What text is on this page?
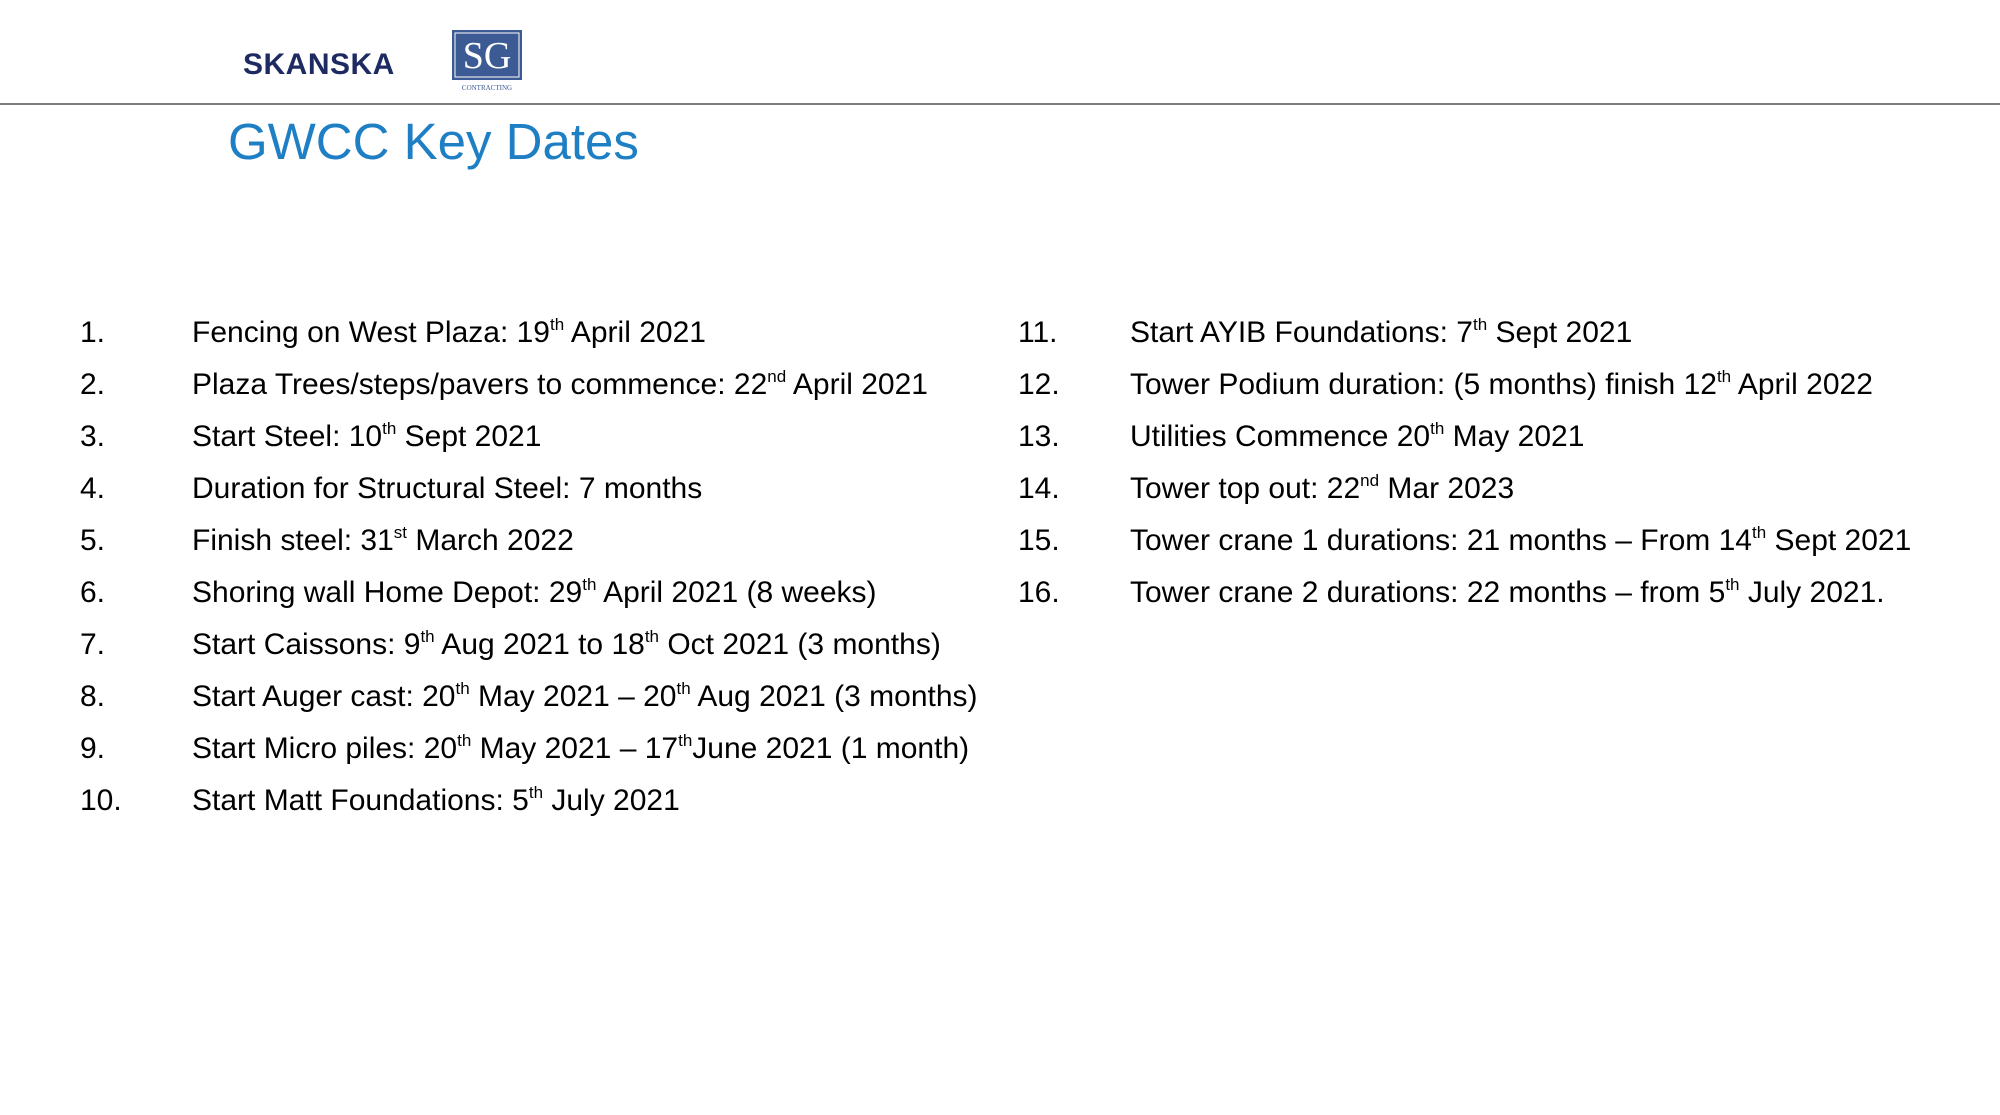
SKANSKA SG
CONTRACTING
GWCC Key Dates
1.	Fencing on West Plaza: 19th April 2021
2.	Plaza Trees/steps/pavers to commence: 22nd April 2021
3.	Start Steel: 10th Sept 2021
4.	Duration for Structural Steel: 7 months
5.	Finish steel: 31st March 2022
6.	Shoring wall Home Depot: 29th April 2021 (8 weeks)
7.	Start Caissons: 9th Aug 2021 to 18th Oct 2021 (3 months)
8.	Start Auger cast: 20th May 2021 – 20th Aug 2021 (3 months)
9.	Start Micro piles: 20th May 2021 – 17thJune 2021 (1 month)
10.	Start Matt Foundations: 5th July 2021
11.	Start AYIB Foundations: 7th Sept 2021
12.	Tower Podium duration: (5 months) finish 12th April 2022
13.	Utilities Commence 20th May 2021
14.	Tower top out: 22nd Mar 2023
15.	Tower crane 1 durations: 21 months – From 14th Sept 2021
16.	Tower crane 2 durations: 22 months – from 5th July 2021.
